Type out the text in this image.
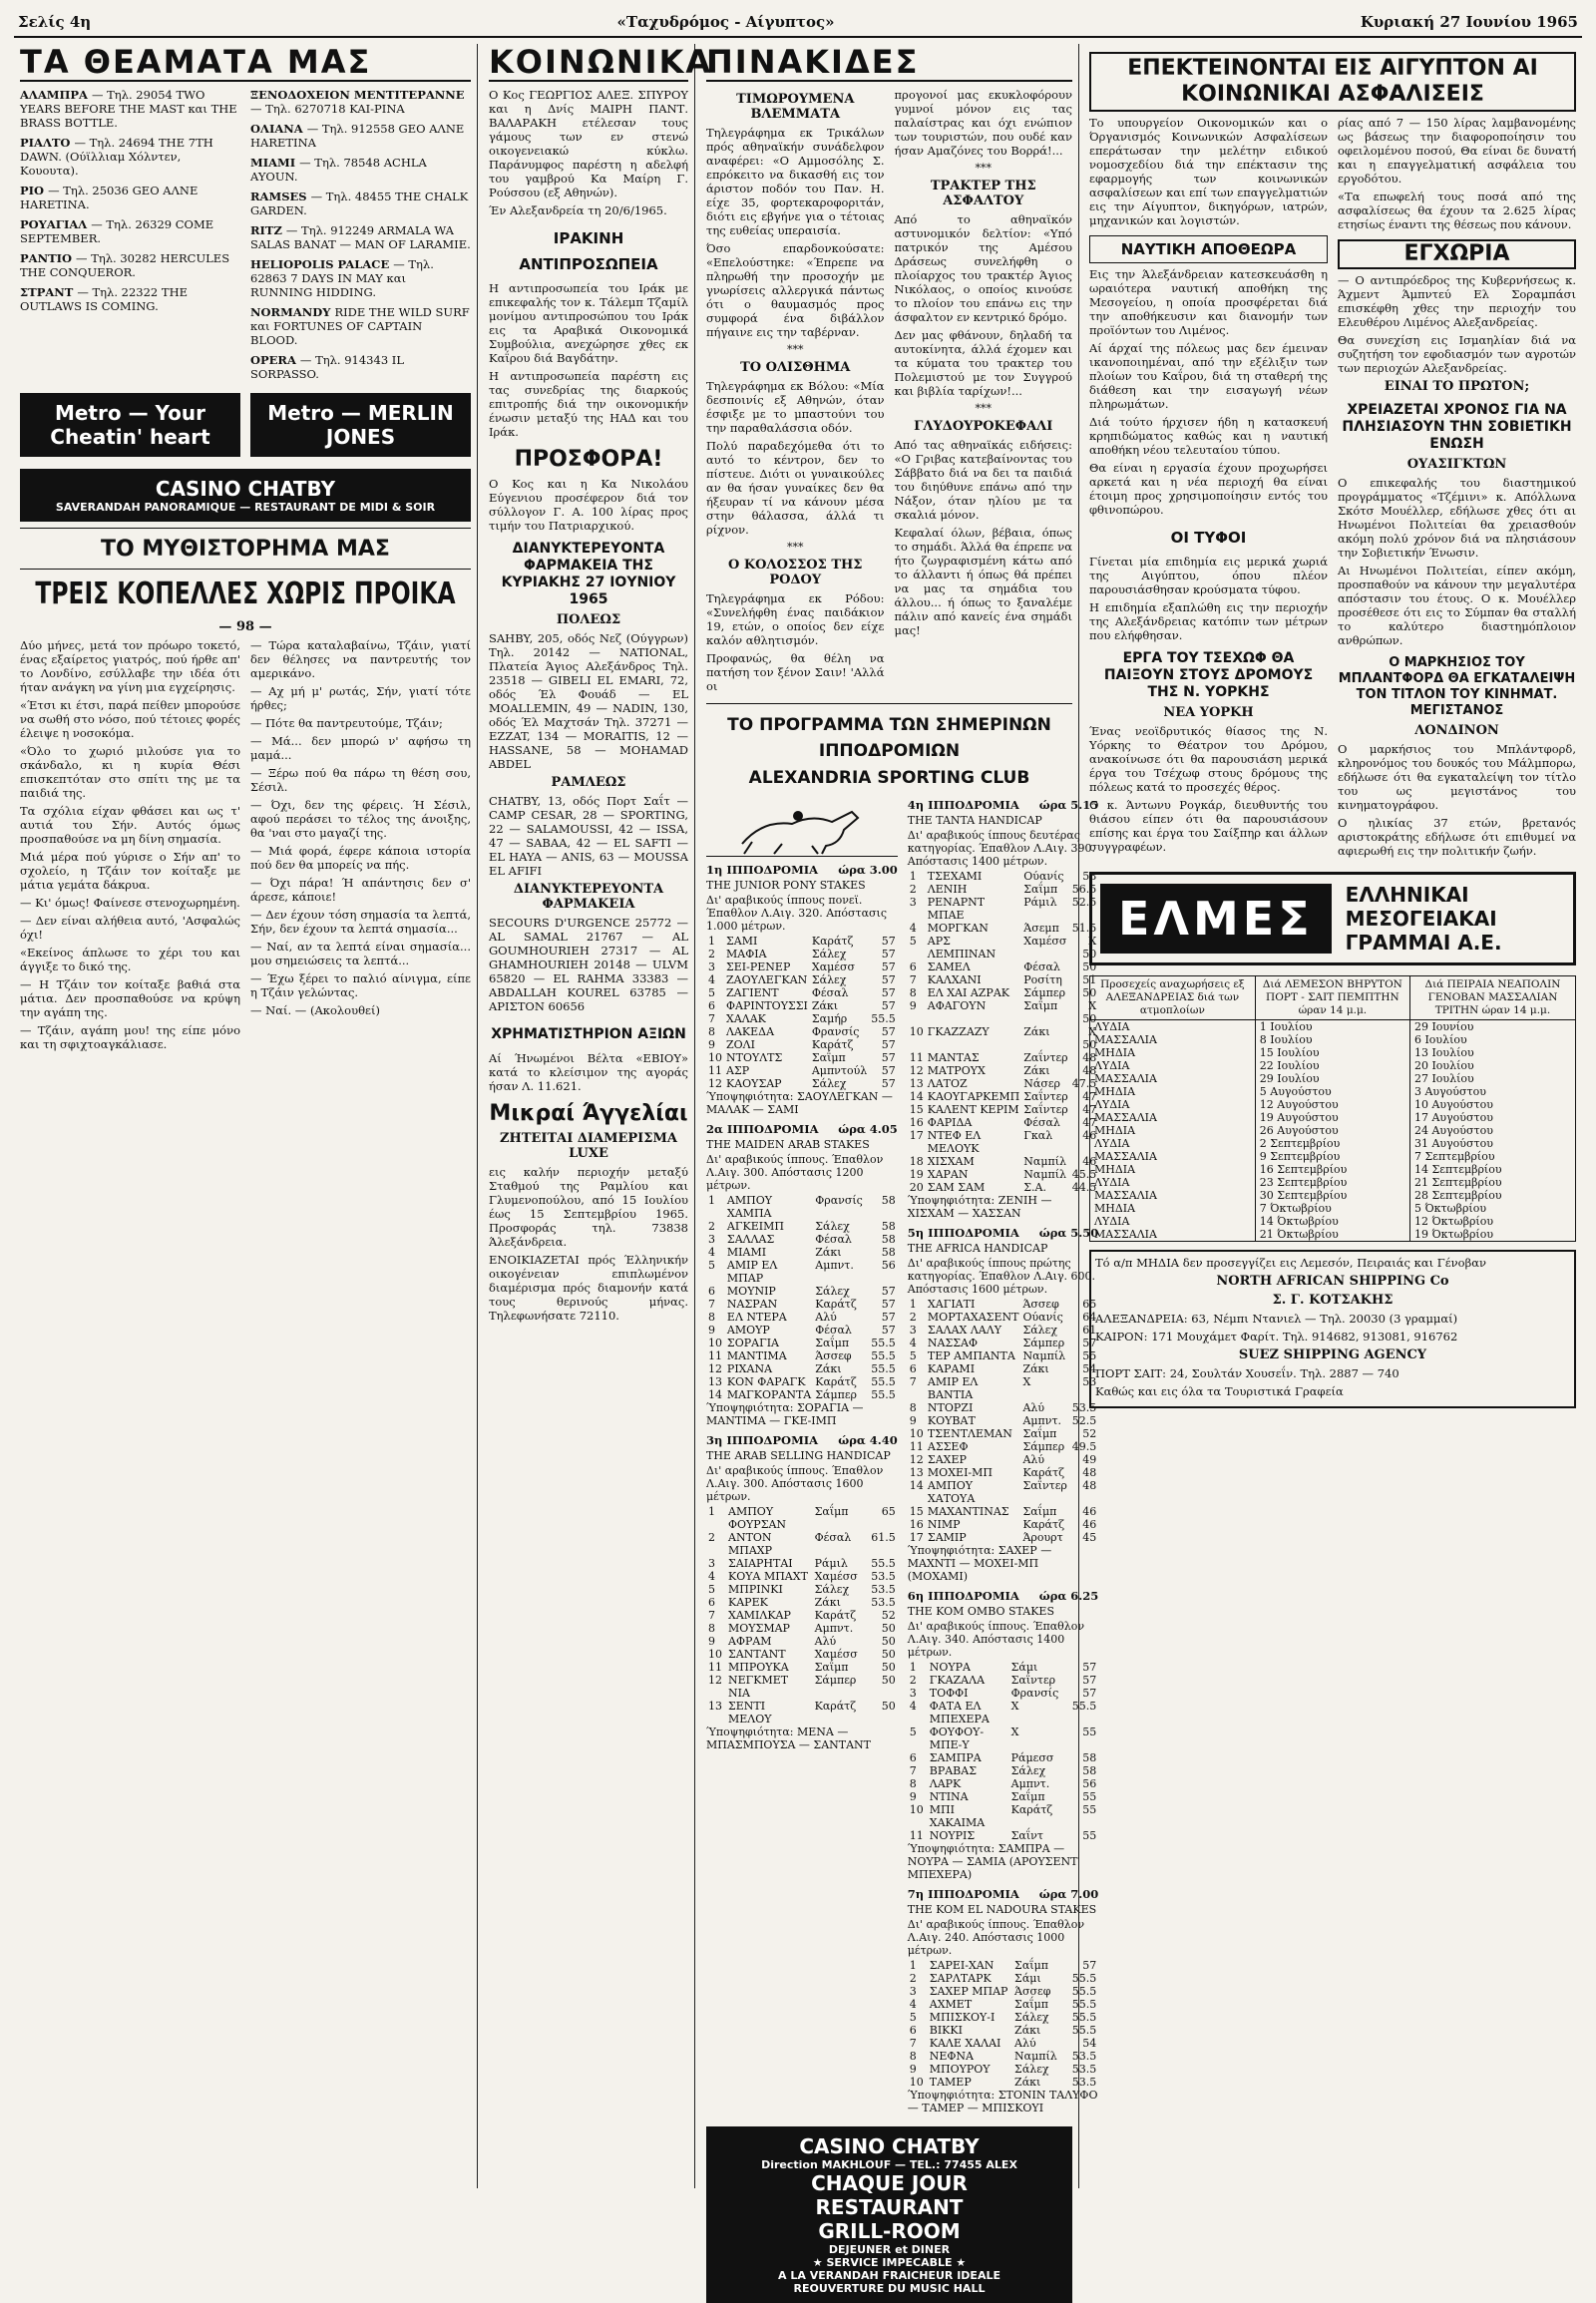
Σελίς 4η	«Ταχυδρόμος - Αίγυπτος»	Κυριακή 27 Ιουνίου 1965
ΤΑ ΘΕΑΜΑΤΑ ΜΑΣ
ΑΛΑΜΠΡΑ — Τηλ. 29054 TWO YEARS BEFORE THE MAST και THE BRASS BOTTLE.
ΡΙΑΛΤΟ — Τηλ. 24694 THE 7TH DAWN. (Ούϊλλιαμ Χόλντεν, Κουουτα).
ΡΙΟ — Τηλ. 25036 GEO ΑΛΝΕ ΗΑRΕΤΙΝΑ.
ΡΟΥΑΓΙΑΛ — Τηλ. 26329 COME SEPTEMBER.
ΡΑΝΤΙΟ — Τηλ. 30282 HERCULES THE CONQUEROR.
ΣΤΡΑΝΤ — Τηλ. 22322 THE OUTLAWS IS COMING.
ΞΕΝΟΔΟΧΕΙΟΝ ΜΕΝΤΙΤΕΡΑΝΝΕ — Τηλ. 6270718 KAI-ΡΙΝΑ
ΟΛΙΑΝΑ — Τηλ. 912558 GEO ΑΛΝΕ ΗΑRΕΤΙΝΑ
ΜΙΑΜΙ — Τηλ. 78548 ACHLA AYOUN.
RAMSES — Τηλ. 48455 THE CHALK GARDEN.
RITZ — Τηλ. 912249 ARMALA WA SALAS BANAT — MAN OF LARAMIE.
HELIOPOLIS PALACE — Τηλ. 62863 7 DAYS IN MAY και RUNNING HIDDING.
NORMANDY RIDE THE WILD SURF και FORTUNES OF CAPTAIN BLOOD.
OPERA — Τηλ. 914343 IL SORPASSO.
Metro — Your Cheatin' heart
Metro — MERLIN JONES
CASINO CHATBY
SAVERANDAH PANORAMIQUE — RESTAURANT DE MIDI & SOIR
ΤΟ ΜΥΘΙΣΤΟΡΗΜΑ ΜΑΣ
ΤΡΕΙΣ ΚΟΠΕΛΛΕΣ ΧΩΡΙΣ ΠΡΟΙΚΑ
— 98 —

Δύο μήνες, μετά τον πρόωρο τοκετό, ένας εξαίρετος γιατρός, πού ήρθε απ' το Λονδίνο, εσύλλαβε την ιδέα ότι ήταν ανάγκη να γίνη μια εγχείρησις.

«Έτσι κι έτσι, παρά πείθεν μπορούσε να σωθή στο νόσο, πού τέτοιες φορές έλειψε η νοσοκόμα.

«Όλο το χωριό μιλούσε για το σκάνδαλο, κι η κυρία Θέσι επισκεπτόταν στο σπίτι της με τα παιδιά της.

Τα σχόλια είχαν φθάσει και ως τ' αυτιά του Σήν. Αυτός όμως προσπαθούσε να μη δίνη σημασία.

Μιά μέρα πού γύρισε ο Σήν απ' το σχολείο, η Τζάιν τον κοίταξε με μάτια γεμάτα δάκρυα.

— Κι' όμως! Φαίνεσε στενοχωρημένη.

— Δεν είναι αλήθεια αυτό, 'Ασφαλώς όχι!

«Εκείνος άπλωσε το χέρι του και άγγιξε το δικό της.

— Η Τζάιν τον κοίταξε βαθιά στα μάτια. Δεν προσπαθούσε να κρύψη την αγάπη της.

— Τζάιν, αγάπη μου! της είπε μόνο και τη σφιχτοαγκάλιασε.

— Τώρα καταλαβαίνω, Τζάιν, γιατί δεν θέλησες να παντρευτής τον αμερικάνο.

— Αχ μή μ' ρωτάς, Σήν, γιατί τότε ήρθες;

— Πότε θα παντρευτούμε, Τζάιν;

— Μά... δεν μπορώ ν' αφήσω τη μαμά...

— Ξέρω πού θα πάρω τη θέση σου, Σέσιλ.

— Όχι, δεν της φέρεις. Ή Σέσιλ, αφού περάσει το τέλος της άνοιξης, θα 'ναι στο μαγαζί της.

— Μιά φορά, έφερε κάποια ιστορία πού δεν θα μπορείς να πής.

— Όχι πάρα! Ή απάντησις δεν σ' άρεσε, κάποιε!

— Δεν έχουν τόση σημασία τα λεπτά, Σήν, δεν έχουν τα λεπτά σημασία...

— Ναί, αν τα λεπτά είναι σημασία... μου σημειώσεις τα λεπτά...

— Έχω ξέρει το παλιό αίνιγμα, είπε η Τζάιν γελώντας.

— Ναί. — (Ακολουθεί)

ΚΟΙΝΩΝΙΚΑ

Ο Κος ΓΕΩΡΓΙΟΣ ΑΛΕΞ. ΣΠΥΡΟΥ και η Δνίς ΜΑΙΡΗ ΠΑΝΤ. ΒΑΛΑΡΑΚΗ ετέλεσαν τους γάμους των εν στενώ οικογενειακώ κύκλω. Παράνυμφος παρέστη η αδελφή του γαμβρού Κα Μαίρη Γ. Ρούσσου (εξ Αθηνών).

Έν Αλεξανδρεία τη 20/6/1965.

ΙΡΑΚΙΝΗ ΑΝΤΙΠΡΟΣΩΠΕΙΑ

Η αντιπροσωπεία του Ιράκ με επικεφαλής τον κ. Τάλεμπ Τζαμίλ μονίμου αντιπροσώπου του Ιράκ εις τα Αραβικά Οικονομικά Συμβούλια, ανεχώρησε χθες εκ Καΐρου διά Βαγδάτην.

Η αντιπροσωπεία παρέστη εις τας συνεδρίας της διαρκούς επιτροπής διά την οικονομικήν ένωσιν μεταξύ της ΗΑΔ και του Ιράκ.

ΠΡΟΣΦΟΡΑ!

Ο Κος και η Κα Νικολάου Εύγενιου προσέφερον διά τον σύλλογον Γ. Α. 100 λίρας προς τιμήν του Πατριαρχικού.

ΔΙΑΝΥΚΤΕΡΕΥΟΝΤΑ ΦΑΡΜΑΚΕΙΑ ΤΗΣ ΚΥΡΙΑΚΗΣ 27 ΙΟΥΝΙΟΥ 1965
ΠΟΛΕΩΣ

SAHBY, 205, οδός Νεζ (Ούγγρων) Τηλ. 20142 — NATIONAL, Πλατεία Άγιος Αλεξάνδρος Τηλ. 23518 — GIBELI EL EMARI, 72, οδός Έλ Φουάδ — EL MOALLEMIN, 49 — NADIN, 130, οδός Έλ Μαχτσάν Τηλ. 37271 — EZZAT, 134 — MORAITIS, 12 — HASSANE, 58 — MOHAMAD ABDEL

ΡΑΜΛΕΩΣ

CHATBY, 13, οδός Πορτ Σαΐτ — CAMP CESAR, 28 — SPORTING, 22 — SALAMOUSSI, 42 — ISSA, 47 — SABAA, 42 — EL SAFTI — EL HAYA — ANIS, 63 — MOUSSA EL AFIFI

ΔΙΑΝΥΚΤΕΡΕΥΟΝΤΑ ΦΑΡΜΑΚΕΙΑ

SECOURS D'URGENCE 25772 — AL SAMAL 21767 — AL GOUMHOURIEH 27317 — AL GHAMHOURIEH 20148 — ULVM 65820 — EL RAHMA 33383 — ABDALLAH KOUREL 63785 — ΑΡΙΣΤΟΝ 60656

ΧΡΗΜΑΤΙΣΤΗΡΙΟΝ ΑΞΙΩΝ

Αί Ήνωμένοι Βέλτα «ΕΒΙΟΥ» κατά το κλείσιμον της αγοράς ήσαν Λ. 11.621.

Μικραί Άγγελίαι
ΖΗΤΕΙΤΑΙ ΔΙΑΜΕΡΙΣΜΑ LUXE

εις καλήν περιοχήν μεταξύ Σταθμού της Ραμλίου και Γλυμενοπούλου, από 15 Ιουλίου έως 15 Σεπτεμβρίου 1965. Προσφοράς τηλ. 73838 Άλεξάνδρεια.

ΕΝΟΙΚΙΑΖΕΤΑΙ πρός Έλληνικήν οικογένειαν επιπλωμένον διαμέρισμα πρός διαμονήν κατά τους θερινούς μήνας. Τηλεφωνήσατε 72110.

ΠΙΝΑΚΙΔΕΣ
ΤΙΜΩΡΟΥΜΕΝΑ ΒΛΕΜΜΑΤΑ

Τηλεγράφημα εκ Τρικάλων πρός αθηναϊκήν συνάδελφον αναφέρει: «Ο Αμμοσόλης Σ. επρόκειτο να δικασθή εις τον άριστον ποδόν του Παν. Η. είχε 35, φορτεκαροφοριτάν, διότι εις εβγήνε για ο τέτοιας της ευθείας υπεραισία.

Όσο επαρδονκούσατε: «Επελούστηκε: «Έπρεπε να πληρωθή την προσοχήν με γνωρίσεις αλλεργικά πάντως ότι ο θαυμασμός προς συμφορά ένα διβάλλον πήγαινε εις την ταβέρναν.

***
ΤΟ ΟΛΙΣΘΗΜΑ

Τηλεγράφημα εκ Βόλου: «Μία δεσποινίς εξ Αθηνών, όταν έσφιξε με το μπαστούνι του την παραθαλάσσια οδόν.

Πολύ παραδεχόμεθα ότι το αυτό το κέντρον, δεν το πίστευε. Διότι οι γυναικούλες αν θα ήσαν γυναίκες δεν θα ήξευραν τί να κάνουν μέσα στην θάλασσα, άλλά τι ρίχνον.

***
Ο ΚΟΛΟΣΣΟΣ ΤΗΣ ΡΟΔΟΥ

Τηλεγράφημα εκ Ρόδου: «Συνελήφθη ένας παιδάκιον 19, ετών, ο οποίος δεν είχε καλόν αθλητισμόν.

Προφανώς, θα θέλη να πατήση τον ξένον Σαιν! 'Αλλά οι

προγονοί μας εκυκλοφόρουν γυμνοί μόνον εις τας παλαίστρας και όχι ενώπιον των τουριστών, που ουδέ καν ήσαν Αμαζόνες του Βορρά!...

***
ΤΡΑΚΤΕΡ ΤΗΣ ΑΣΦΑΛΤΟΥ

Από το αθηναϊκόν αστυνομικόν δελτίον: «Υπό πατρικόν της Αμέσου Δράσεως συνελήφθη ο πλοίαρχος του τρακτέρ Άγιος Νικόλαος, ο οποίος κινούσε το πλοίον του επάνω εις την άσφαλτον εν κεντρικό δρόμο.

Δεν μας φθάνουν, δηλαδή τα αυτοκίνητα, άλλά έχομεν και τα κύματα του τρακτερ του Πολεμιστού με τον Συγγρού και βιβλία ταρίχων!...

***
ΓΛΥΔΟΥΡΟΚΕΦΑΛΙ

Από τας αθηναϊκάς ειδήσεις: «Ο Γριβας κατεβαίνοντας του Σάββατο διά να δει τα παιδιά του διηύθυνε επάνω από την Νάξον, όταν ηλίου με τα σκαλιά μόνον.

Κεφαλαί όλων, βέβαια, όπως το σημάδι. Άλλά θα έπρεπε να ήτο ζωγραφισμένη κάτω από το άλλαντι ή όπως θά πρέπει να μας τα σημάδια του άλλου... ή όπως το ξαναλέμε πάλιν από κανείς ένα σημάδι μας!

ΤΟ ΠΡΟΓΡΑΜΜΑ ΤΩΝ ΣΗΜΕΡΙΝΩΝ ΙΠΠΟΔΡΟΜΙΩΝ
ALEXANDRIA SPORTING CLUB
1η ΙΠΠΟΔΡΟΜΙΑ ώρα 3.00
THE JUNIOR PONY STAKES
Δι' αραβικούς ίππους πονεϊ. Έπαθλον Λ.Αιγ. 320. Απόστασις 1.000 μέτρων.
1	ΣΑΜΙ	Καράτζ	57
2	ΜΑΦΙΑ	Σάλεχ	57
3	ΣΕΙ-ΡΕΝΕΡ	Χαμέσσ	57
4	ΖΑΟΥΛΕΓΚΑΝ	Σάλεχ	57
5	ΖΑΓΙΕΝΤ	Φέσαλ	57
6	ΦΑΡΙΝΤΟΥΣΣΙ	Ζάκι	57
7	ΧΑΛΑΚ	Σαμήρ	55.5
8	ΛΑΚΕΔΑ	Φρανσίς	57
9	ΖΟΛΙ	Καράτζ	57
10	ΝΤΟΥΛΤΣ	Σαΐμπ	57
11	ΑΣΡ	Αμπντούλ	57
12	ΚΑΟΥΣΑΡ	Σάλεχ	57
Ύποψηφιότητα: ΣΑΟΥΛΕΓΚΑΝ — ΜΑΛΑΚ — ΣΑΜΙ
2α ΙΠΠΟΔΡΟΜΙΑ ώρα 4.05
THE MAIDEN ARAB STAKES
Δι' αραβικούς ίππους. Έπαθλον Λ.Αιγ. 300. Απόστασις 1200 μέτρων.
1	ΑΜΠΟΥ ΧΑΜΠΑ	Φρανσίς	58
2	ΑΓΚΕΙΜΠ	Σάλεχ	58
3	ΣΑΛΛΑΣ	Φέσαλ	58
4	ΜΙΑΜΙ	Ζάκι	58
5	ΑΜΙΡ ΕΛ ΜΠΑΡ	Αμπντ.	56
6	ΜΟΥΝΙΡ	Σάλεχ	57
7	ΝΑΣΡΑΝ	Καράτζ	57
8	ΕΛ ΝΤΕΡΑ	Αλύ	57
9	ΑΜΟΥΡ	Φέσαλ	57
10	ΣΟΡΑΓΙΑ	Σαΐμπ	55.5
11	ΜΑΝΤΙΜΑ	Άσσεφ	55.5
12	ΡΙΧΑΝΑ	Ζάκι	55.5
13	ΚΟΝ ΦΑΡΑΓΚ	Καράτζ	55.5
14	ΜΑΓΚΟΡΑΝΤΑ	Σάμπερ	55.5
Ύποψηφιότητα: ΣΟΡΑΓΙΑ — ΜΑΝΤΙΜΑ — ΓΚΕ-ΙΜΠ
3η ΙΠΠΟΔΡΟΜΙΑ ώρα 4.40
THE ARAB SELLING HANDICAP
Δι' αραβικούς ίππους. Έπαθλον Λ.Αιγ. 300. Απόστασις 1600 μέτρων.
1	ΑΜΠΟΥ ΦΟΥΡΣΑΝ	Σαΐμπ	65
2	ΑΝΤΟΝ ΜΠΑΧΡ	Φέσαλ	61.5
3	ΣΑΙΑΡΗΤΑΙ	Ράμιλ	55.5
4	ΚΟΥΑ ΜΠΑΧΤ	Χαμέσσ	53.5
5	ΜΠΡΙΝΚΙ	Σάλεχ	53.5
6	ΚΑΡΕΚ	Ζάκι	53.5
7	ΧΑΜΙΛΚΑΡ	Καράτζ	52
8	ΜΟΥΣΜΑΡ	Αμπντ.	50
9	ΑΦΡΑΜ	Αλύ	50
10	ΣΑΝΤΑΝΤ	Χαμέσσ	50
11	ΜΠΡΟΥΚΑ	Σαΐμπ	50
12	ΝΕΓΚΜΕΤ ΝΙΑ	Σάμπερ	50
13	ΣΕΝΤΙ ΜΕΛΟΥ	Καράτζ	50
Ύποψηφιότητα: ΜΕΝΑ — ΜΠΑΣΜΠΟΥΣΑ — ΣΑΝΤΑΝΤ
4η ΙΠΠΟΔΡΟΜΙΑ ώρα 5.15
THE TANTA HANDICAP
Δι' αραβικούς ίππους δευτέρας κατηγορίας. Έπαθλον Λ.Αιγ. 390. Απόστασις 1400 μέτρων.
1	ΤΣΕΧΑΜΙ	Ούανίς	58
2	ΛΕΝΙΗ	Σαΐμπ	56.5
3	ΡΕΝΑΡΝΤ ΜΠΑΕ	Ράμιλ	52.5
4	ΜΟΡΓΚΑΝ	Άσεμπ	51.5
5	ΑΡΣ ΛΕΜΠΙΝΑΝ	Χαμέσσ	X 50
6	ΣΑΜΕΛ	Φέσαλ	50
7	ΚΑΛΧΑΝΙ	Ροσίτη	51
8	ΕΛ ΧΑΙ ΑΖΡΑΚ	Σάμπερ	50
9	ΑΦΑΓΟΥΝ	Σαΐμπ	X 50
10	ΓΚΑΖΖΑΖΥ	Ζάκι	X 50
11	ΜΑΝΤΑΣ	Ζαΐντερ	48
12	ΜΑΤΡΟΥΧ	Ζάκι	48
13	ΛΑΤΟΖ	Νάσερ	47.5
14	ΚΑΟΥΓΑΡΚΕΜΠ	Σαΐντερ	47
15	ΚΑΛΕΝΤ ΚΕΡΙΜ	Σαΐντερ	47
16	ΦΑΡΙΔΑ	Φέσαλ	47
17	ΝΤΕΦ ΕΛ ΜΕΛΟΥΚ	Γκαλ	46
18	ΧΙΣΧΑΜ	Ναμπίλ	46
19	ΧΑΡΑΝ	Ναμπίλ	45.5
20	ΣΑΜ ΣΑΜ	Σ.Α.	44.5
Ύποψηφιότητα: ΖΕΝΙΗ — ΧΙΣΧΑΜ — ΧΑΣΣΑΝ
5η ΙΠΠΟΔΡΟΜΙΑ ώρα 5.50
THE AFRICA HANDICAP
Δι' αραβικούς ίππους πρώτης κατηγορίας. Έπαθλον Λ.Αιγ. 600. Απόστασις 1600 μέτρων.
1	ΧΑΓΙΑΤΙ	Άσσεφ	65
2	ΜΟΡΤΑΧΑΣΕΝΤ	Ούανίς	64
3	ΣΑΛΑΧ ΛΑΛΥ	Σάλεχ	61
4	ΝΑΣΣΑΦ	Σάμπερ	57
5	ΤΕΡ ΑΜΠΑΝΤΑ	Ναμπίλ	55
6	ΚΑΡΑΜΙ	Ζάκι	54
7	ΑΜΙΡ ΕΛ ΒΑΝΤΙΑ	Χ	53
8	ΝΤΟΡΖΙ	Αλύ	53.5
9	ΚΟΥΒΑΤ	Αμπντ.	52.5
10	ΤΣΕΝΤΛΕΜΑΝ	Σαΐμπ	52
11	ΑΣΣΕΦ	Σάμπερ	49.5
12	ΣΑΧΕΡ	Αλύ	49
13	ΜΟΧΕΙ-ΜΠ	Καράτζ	48
14	ΑΜΠΟΥ ΧΑΤΟΥΑ	Σαΐντερ	48
15	ΜΑΧΑΝΤΙΝΑΣ	Σαΐμπ	46
16	ΝΙΜΡ	Καράτζ	46
17	ΣΑΜΙΡ	Άρουρτ	45
Ύποψηφιότητα: ΣΑΧΕΡ — ΜΑΧΝΤΙ — ΜΟΧΕΙ-ΜΠ (ΜΟΧΑΜΙ)
6η ΙΠΠΟΔΡΟΜΙΑ ώρα 6.25
THE KOM OMBO STAKES
Δι' αραβικούς ίππους. Έπαθλον Λ.Αιγ. 340. Απόστασις 1400 μέτρων.
1	ΝΟΥΡΑ	Σάμι	57
2	ΓΚΑΖΑΛΑ	Σαΐντερ	57
3	ΤΟΦΦΙ	Φρανσίς	57
4	ΦΑΤΑ ΕΛ ΜΠΕΧΕΡΑ	Χ	55.5
5	ΦΟΥΦΟΥ-ΜΠΕ-Υ	Χ	55
6	ΣΑΜΠΡΑ	Ράμεσσ	58
7	ΒΡΑΒΑΣ	Σάλεχ	58
8	ΛΑΡΚ	Αμπντ.	56
9	ΝΤΙΝΑ	Σαΐμπ	55
10	ΜΠΙ ΧΑΚΑΙΜΑ	Καράτζ	55
11	ΝΟΥΡΙΣ	Σαΐντ	55
Ύποψηφιότητα: ΣΑΜΠΡΑ — ΝΟΥΡΑ — ΣΑΜΙΑ (ΑΡΟΥΣΕΝΤ ΜΠΕΧΕΡΑ)
7η ΙΠΠΟΔΡΟΜΙΑ ώρα 7.00
THE KOM EL NADOURA STAKES
Δι' αραβικούς ίππους. Έπαθλον Λ.Αιγ. 240. Απόστασις 1000 μέτρων.
1	ΣΑΡΕΙ-ΧΑΝ	Σαΐμπ	57
2	ΣΑΡΛΤΑΡΚ	Σάμι	55.5
3	ΣΑΧΕΡ ΜΠΑΡ	Άσσεφ	55.5
4	ΑΧΜΕΤ	Σαΐμπ	55.5
5	ΜΠΙΣΚΟΥ-Ι	Σάλεχ	55.5
6	ΒΙΚΚΙ	Ζάκι	55.5
7	ΚΑΛΕ ΧΑΛΑΙ	Αλύ	54
8	ΝΕΦΝΑ	Ναμπίλ	53.5
9	ΜΠΟΥΡΟΥ	Σάλεχ	53.5
10	ΤΑΜΕΡ	Ζάκι	53.5
Ύποψηφιότητα: ΣΤΟΝΙΝ ΤΑΛΥΦΟ — ΤΑΜΕΡ — ΜΠΙΣΚΟΥΙ
CASINO CHATBY
Direction MAKHLOUF — TEL.: 77455 ALEX
CHAQUE JOUR
RESTAURANT
GRILL-ROOM
DEJEUNER et DINER
★ SERVICE IMPECABLE ★
A LA VERANDAH FRAICHEUR IDEALE
REOUVERTURE DU MUSIC HALL
ΕΠΕΚΤΕΙΝΟΝΤΑΙ ΕΙΣ ΑΙΓΥΠΤΟΝ ΑΙ ΚΟΙΝΩΝΙΚΑΙ ΑΣΦΑΛΙΣΕΙΣ

Το υπουργείον Οικονομικών και ο Όργανισμός Κοινωνικών Ασφαλίσεων επεράτωσαν την μελέτην ειδικού νομοσχεδίου διά την επέκτασιν της εφαρμογής των κοινωνικών ασφαλίσεων και επί των επαγγελματιών εις την Αίγυπτον, δικηγόρων, ιατρών, μηχανικών και λογιστών.

ΝΑΥΤΙΚΗ ΑΠΟΘΕΩΡΑ

Εις την Άλεξάνδρειαν κατεσκευάσθη η ωραιότερα ναυτική αποθήκη της Μεσογείου, η οποία προσφέρεται διά την αποθήκευσιν και διανομήν των προϊόντων του Λιμένος.

Αί άρχαί της πόλεως μας δεν έμειναν ικανοποιημέναι, από την εξέλιξιν των πλοίων του Καΐρου, διά τη σταθερή της διάθεση και την εισαγωγή νέων πληρωμάτων.

Διά τούτο ήρχισεν ήδη η κατασκευή κρηπιδώματος καθώς και η ναυτική αποθήκη νέου τελευταίου τύπου.

Θα είναι η εργασία έχουν προχωρήσει αρκετά και η νέα περιοχή θα είναι έτοιμη προς χρησιμοποίησιν εντός του φθινοπώρου.

ΟΙ ΤΥΦΟΙ

Γίνεται μία επιδημία εις μερικά χωριά της Αιγύπτου, όπου πλέον παρουσιάσθησαν κρούσματα τύφου.

Η επιδημία εξαπλώθη εις την περιοχήν της Αλεξάνδρειας κατόπιν των μέτρων που ελήφθησαν.

ΕΡΓΑ ΤΟΥ ΤΣΕΧΩΦ ΘΑ ΠΑΙΞΟΥΝ ΣΤΟΥΣ ΔΡΟΜΟΥΣ ΤΗΣ Ν. ΥΟΡΚΗΣ
ΝΕΑ ΥΟΡΚΗ

Ένας νεοϊδρυτικός θίασος της Ν. Υόρκης το Θέατρον του Δρόμου, ανακοίνωσε ότι θα παρουσιάση μερικά έργα του Τσέχωφ στους δρόμους της πόλεως κατά το προσεχές θέρος.

Ο κ. Άντωνυ Ρογκάρ, διευθυντής του θιάσου είπεν ότι θα παρουσιάσουν επίσης και έργα του Σαίξπηρ και άλλων συγγραφέων.

ρίας από 7 — 150 λίρας λαμβανομένης ως βάσεως την διαφοροποίησιν του οφειλομένου ποσού, Θα είναι δε δυνατή και η επαγγελματική ασφάλεια του εργοδότου.

«Τα επωφελή τους ποσά από της ασφαλίσεως θα έχουν τα 2.625 λίρας ετησίως έναντι της θέσεως που κάνουν.

ΕΓΧΩΡΙΑ

— Ο αντιπρόεδρος της Κυβερνήσεως κ. Άχμεντ Άμπντεύ Ελ Σοραμπάσι επισκέφθη χθες την περιοχήν του Ελευθέρου Λιμένος Αλεξανδρείας.

Θα συνεχίση εις Ισμαηλίαν διά να συζητήση τον εφοδιασμόν των αγροτών των περιοχών Αλεξανδρείας.

ΕΙΝΑΙ ΤΟ ΠΡΩΤΟΝ;
ΧΡΕΙΑΖΕΤΑΙ ΧΡΟΝΟΣ ΓΙΑ ΝΑ ΠΛΗΣΙΑΣΟΥΝ ΤΗΝ ΣΟΒΙΕΤΙΚΗ ΕΝΩΣΗ
ΟΥΑΣΙΓΚΤΩΝ

Ο επικεφαλής του διαστημικού προγράμματος «Τζέμινι» κ. Απόλλωνα Σκότσ Μουέλλερ, εδήλωσε χθες ότι αι Ηνωμένοι Πολιτείαι θα χρειασθούν ακόμη πολύ χρόνον διά να πλησιάσουν την Σοβιετικήν Ένωσιν.

Αι Ηνωμένοι Πολιτείαι, είπεν ακόμη, προσπαθούν να κάνουν την μεγαλυτέρα απόστασιν του έτους. Ο κ. Μουέλλερ προσέθεσε ότι εις το Σύμπαν θα σταλλή το καλύτερο διαστημόπλοιον ανθρώπων.

Ο ΜΑΡΚΗΣΙΟΣ ΤΟΥ ΜΠΛΑΝΤΦΟΡΔ ΘΑ ΕΓΚΑΤΑΛΕΙΨΗ ΤΟΝ ΤΙΤΛΟΝ ΤΟΥ ΚΙΝΗΜΑΤ. ΜΕΓΙΣΤΑΝΟΣ
ΛΟΝΔΙΝΟΝ

Ο μαρκήσιος του Μπλάντφορδ, κληρονόμος του δουκός του Μάλμπορω, εδήλωσε ότι θα εγκαταλείψη τον τίτλο του ως μεγιστάνος του κινηματογράφου.

Ο ηλικίας 37 ετών, βρετανός αριστοκράτης εδήλωσε ότι επιθυμεί να αφιερωθή εις την πολιτικήν ζωήν.

ΕΛΜΕΣ	ΕΛΛΗΝΙΚΑΙ
ΜΕΣΟΓΕΙΑΚΑΙ
ΓΡΑΜΜΑΙ Α.Ε.
Προσεχείς αναχωρήσεις εξ ΑΛΕΞΑΝΔΡΕΙΑΣ διά των ατμοπλοίων	Διά ΛΕΜΕΣΟΝ ΒΗΡΥΤΟΝ ΠΟΡΤ - ΣΑΙΤ ΠΕΜΠΤΗΝ ώραν 14 μ.μ.	Διά ΠΕΙΡΑΙΑ ΝΕΑΠΟΛΙΝ ΓΕΝΟΒΑΝ ΜΑΣΣΑΛΙΑΝ ΤΡΙΤΗΝ ώραν 14 μ.μ.
ΛΥΔΙΑ	1 Ιουλίου	29 Ιουνίου
ΜΑΣΣΑΛΙΑ	8 Ιουλίου	6 Ιουλίου
ΜΗΔΙΑ	15 Ιουλίου	13 Ιουλίου
ΛΥΔΙΑ	22 Ιουλίου	20 Ιουλίου
ΜΑΣΣΑΛΙΑ	29 Ιουλίου	27 Ιουλίου
ΜΗΔΙΑ	5 Αυγούστου	3 Αυγούστου
ΛΥΔΙΑ	12 Αυγούστου	10 Αυγούστου
ΜΑΣΣΑΛΙΑ	19 Αυγούστου	17 Αυγούστου
ΜΗΔΙΑ	26 Αυγούστου	24 Αυγούστου
ΛΥΔΙΑ	2 Σεπτεμβρίου	31 Αυγούστου
ΜΑΣΣΑΛΙΑ	9 Σεπτεμβρίου	7 Σεπτεμβρίου
ΜΗΔΙΑ	16 Σεπτεμβρίου	14 Σεπτεμβρίου
ΛΥΔΙΑ	23 Σεπτεμβρίου	21 Σεπτεμβρίου
ΜΑΣΣΑΛΙΑ	30 Σεπτεμβρίου	28 Σεπτεμβρίου
ΜΗΔΙΑ	7 Όκτωβρίου	5 Όκτωβρίου
ΛΥΔΙΑ	14 Όκτωβρίου	12 Όκτωβρίου
ΜΑΣΣΑΛΙΑ	21 Όκτωβρίου	19 Όκτωβρίου
Τό α/π ΜΗΔΙΑ δεν προσεγγίζει εις Λεμεσόν, Πειραιάς και Γένοβαν
NORTH AFRICAN SHIPPING Co
Σ. Γ. ΚΟΤΣΑΚΗΣ
ΑΛΕΞΑΝΔΡΕΙΑ: 63, Νέμπι Ντανιελ — Τηλ. 20030 (3 γραμμαί)
ΚΑΙΡΟΝ: 171 Μουχάμετ Φαρίτ. Τηλ. 914682, 913081, 916762
SUEZ SHIPPING AGENCY
ΠΟΡΤ ΣΑΙΤ: 24, Σουλτάν Χουσεΐν. Τηλ. 2887 — 740
Καθώς και εις όλα τα Τουριστικά Γραφεία
